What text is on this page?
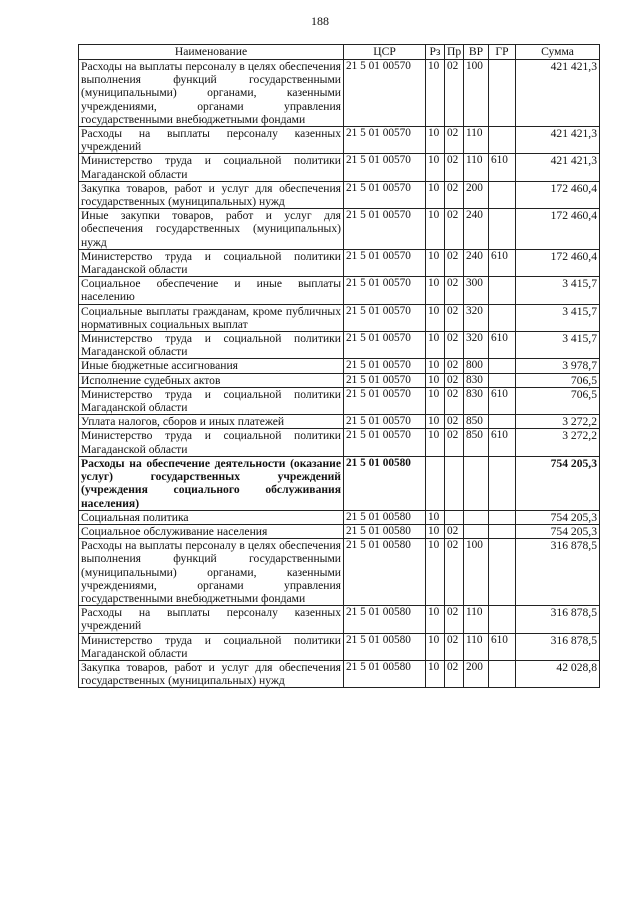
188
Наименование	ЦСР	Рз	Пр	ВР	ГР	Сумма
Расходы на выплаты персоналу в целях обеспечения выполнения функций государственными (муниципальными) органами, казенными учреждениями, органами управления государственными внебюджетными фондами	21 5 01 00570	10	02	100		421 421,3
Расходы на выплаты персоналу казенных учреждений	21 5 01 00570	10	02	110		421 421,3
Министерство труда и социальной политики Магаданской области	21 5 01 00570	10	02	110	610	421 421,3
Закупка товаров, работ и услуг для обеспечения государственных (муниципальных) нужд	21 5 01 00570	10	02	200		172 460,4
Иные закупки товаров, работ и услуг для обеспечения государственных (муниципальных) нужд	21 5 01 00570	10	02	240		172 460,4
Министерство труда и социальной политики Магаданской области	21 5 01 00570	10	02	240	610	172 460,4
Социальное обеспечение и иные выплаты населению	21 5 01 00570	10	02	300		3 415,7
Социальные выплаты гражданам, кроме публичных нормативных социальных выплат	21 5 01 00570	10	02	320		3 415,7
Министерство труда и социальной политики Магаданской области	21 5 01 00570	10	02	320	610	3 415,7
Иные бюджетные ассигнования	21 5 01 00570	10	02	800		3 978,7
Исполнение судебных актов	21 5 01 00570	10	02	830		706,5
Министерство труда и социальной политики Магаданской области	21 5 01 00570	10	02	830	610	706,5
Уплата налогов, сборов и иных платежей	21 5 01 00570	10	02	850		3 272,2
Министерство труда и социальной политики Магаданской области	21 5 01 00570	10	02	850	610	3 272,2
Расходы на обеспечение деятельности (оказание услуг) государственных учреждений (учреждения социального обслуживания населения)	21 5 01 00580					754 205,3
Социальная политика	21 5 01 00580	10				754 205,3
Социальное обслуживание населения	21 5 01 00580	10	02			754 205,3
Расходы на выплаты персоналу в целях обеспечения выполнения функций государственными (муниципальными) органами, казенными учреждениями, органами управления государственными внебюджетными фондами	21 5 01 00580	10	02	100		316 878,5
Расходы на выплаты персоналу казенных учреждений	21 5 01 00580	10	02	110		316 878,5
Министерство труда и социальной политики Магаданской области	21 5 01 00580	10	02	110	610	316 878,5
Закупка товаров, работ и услуг для обеспечения государственных (муниципальных) нужд	21 5 01 00580	10	02	200		42 028,8
